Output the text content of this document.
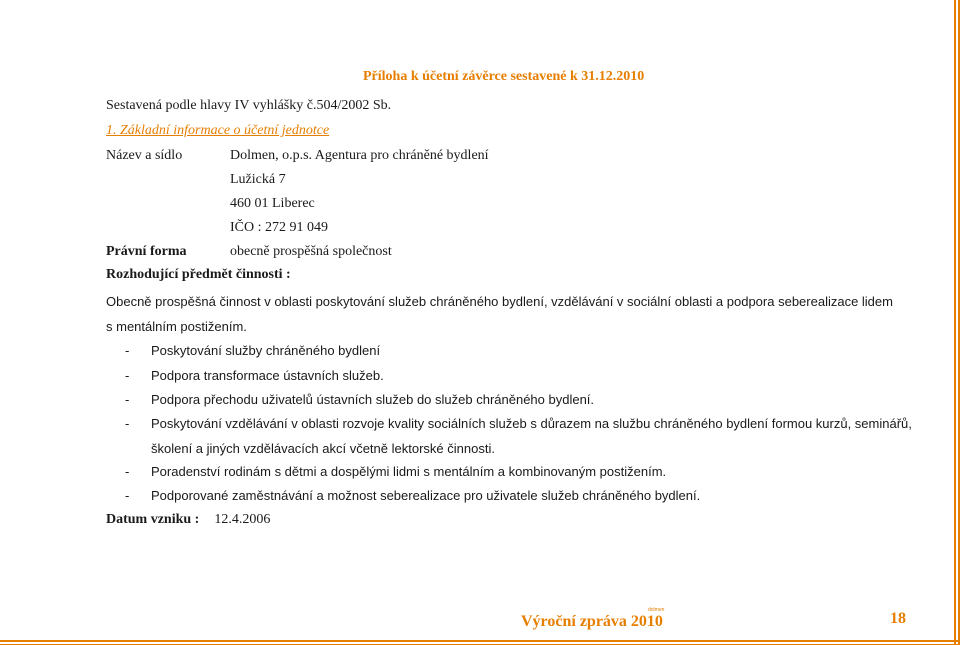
Příloha k účetní závěrce sestavené k 31.12.2010
Sestavená podle hlavy IV vyhlášky č.504/2002 Sb.
1. Základní informace o účetní jednotce
Název a sídlo	Dolmen, o.p.s. Agentura pro chráněné bydlení
Lužická 7
460 01 Liberec
IČO : 272 91 049
Právní forma	obecně prospěšná společnost
Rozhodující předmět činnosti :
Obecně prospěšná činnost v oblasti poskytování služeb chráněného bydlení, vzdělávání v sociální oblasti a podpora seberealizace lidem
s mentálním postižením.
- Poskytování služby chráněného bydlení
- Podpora transformace ústavních služeb.
- Podpora přechodu uživatelů ústavních služeb do služeb chráněného bydlení.
- Poskytování vzdělávání v oblasti rozvoje kvality sociálních služeb s důrazem na službu chráněného bydlení formou kurzů, seminářů,
školení a jiných vzdělávacích akcí včetně lektorské činnosti.
- Poradenství rodinám s dětmi a dospělými lidmi s mentálním a kombinovaným postižením.
- Podporované zaměstnávání a možnost seberealizace pro uživatele služeb chráněného bydlení.
Datum vzniku : 12.4.2006
Výroční zpráva 2010
dolmen	18
